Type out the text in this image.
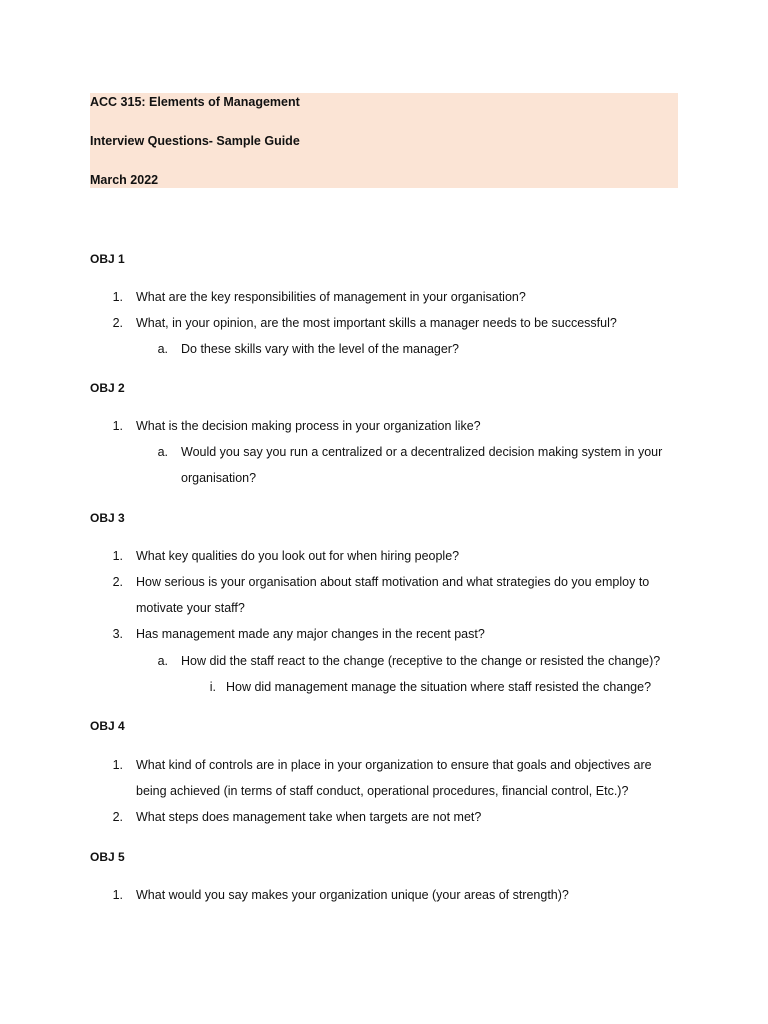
ACC 315: Elements of Management
Interview Questions- Sample Guide
March 2022
OBJ 1
1. What are the key responsibilities of management in your organisation?
2. What, in your opinion, are the most important skills a manager needs to be successful?
a. Do these skills vary with the level of the manager?
OBJ 2
1. What is the decision making process in your organization like?
a. Would you say you run a centralized or a decentralized decision making system in your
organisation?
OBJ 3
1. What key qualities do you look out for when hiring people?
2. How serious is your organisation about staff motivation and what strategies do you employ to
motivate your staff?
3. Has management made any major changes in the recent past?
a. How did the staff react to the change (receptive to the change or resisted the change)?
i. How did management manage the situation where staff resisted the change?
OBJ 4
1. What kind of controls are in place in your organization to ensure that goals and objectives are
being achieved (in terms of staff conduct, operational procedures, financial control, Etc.)?
2. What steps does management take when targets are not met?
OBJ 5
1. What would you say makes your organization unique (your areas of strength)?
